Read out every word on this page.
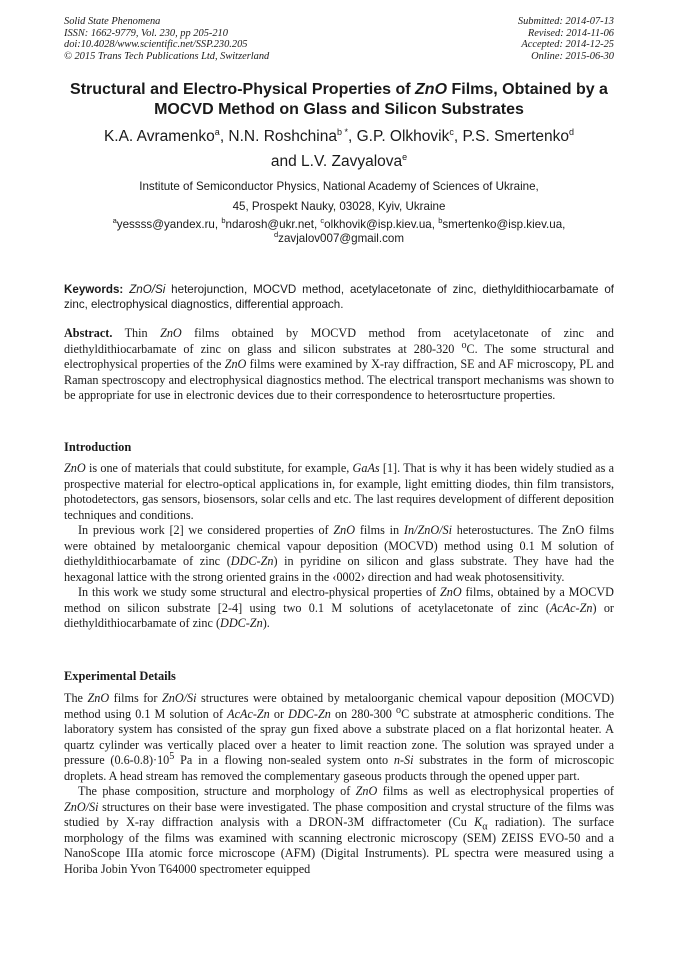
Solid State Phenomena
ISSN: 1662-9779, Vol. 230, pp 205-210
doi:10.4028/www.scientific.net/SSP.230.205
© 2015 Trans Tech Publications Ltd, Switzerland
Submitted: 2014-07-13
Revised: 2014-11-06
Accepted: 2014-12-25
Online: 2015-06-30
Structural and Electro-Physical Properties of ZnO Films, Obtained by a MOCVD Method on Glass and Silicon Substrates
K.A. Avramenko$^a$, N.N. Roshchina$^{b *}$, G.P. Olkhovik$^c$, P.S. Smertenko$^d$
and L.V. Zavyalova$^e$
Institute of Semiconductor Physics, National Academy of Sciences of Ukraine,
45, Prospekt Nauky, 03028, Kyiv, Ukraine
$^a$yessss@yandex.ru, $^b$ndarosh@ukr.net, $^c$olkhovik@isp.kiev.ua, $^b$smertenko@isp.kiev.ua,
$^d$zavjalov007@gmail.com
Keywords: ZnO/Si heterojunction, MOCVD method, acetylacetonate of zinc, diethyldithiocarbamate of zinc, electrophysical diagnostics, differential approach.

Abstract. Thin ZnO films obtained by MOCVD method from acetylacetonate of zinc and diethyldithiocarbamate of zinc on glass and silicon substrates at 280-320 $^o$C. The some structural and electrophysical properties of the ZnO films were examined by X-ray diffraction, SE and AF microscopy, PL and Raman spectroscopy and electrophysical diagnostics method. The electrical transport mechanisms was shown to be appropriate for use in electronic devices due to their correspondence to heterosrtucture properties.

Introduction

ZnO is one of materials that could substitute, for example, GaAs [1]. That is why it has been widely studied as a prospective material for electro-optical applications in, for example, light emitting diodes, thin film transistors, photodetectors, gas sensors, biosensors, solar cells and etc. The last requires development of different deposition techniques and conditions.

In previous work [2] we considered properties of ZnO films in In/ZnO/Si heterostuctures. The ZnO films were obtained by metaloorganic chemical vapour deposition (MOCVD) method using 0.1 M solution of diethyldithiocarbamate of zinc (DDC-Zn) in pyridine on silicon and glass substrate. They have had the hexagonal lattice with the strong oriented grains in the ‹0002› direction and had weak photosensitivity.

In this work we study some structural and electro-physical properties of ZnO films, obtained by a MOCVD method on silicon substrate [2-4] using two 0.1 M solutions of acetylacetonate of zinc (AcAc-Zn) or diethyldithiocarbamate of zinc (DDC-Zn).

Experimental Details

The ZnO films for ZnO/Si structures were obtained by metaloorganic chemical vapour deposition (MOCVD) method using 0.1 M solution of AcAc-Zn or DDC-Zn on 280-300 $^o$C substrate at atmospheric conditions. The laboratory system has consisted of the spray gun fixed above a substrate placed on a flat horizontal heater. A quartz cylinder was vertically placed over a heater to limit reaction zone. The solution was sprayed under a pressure $(0.6-0.8)\cdot 10^5$ Pa in a flowing non-sealed system onto n-Si substrates in the form of microscopic droplets. A head stream has removed the complementary gaseous products through the opened upper part.

The phase composition, structure and morphology of ZnO films as well as electrophysical properties of ZnO/Si structures on their base were investigated. The phase composition and crystal structure of the films was studied by X-ray diffraction analysis with a DRON-3M diffractometer (Cu $K_\alpha$ radiation). The surface morphology of the films was examined with scanning electronic microscopy (SEM) ZEISS EVO-50 and a NanoScope IIIa atomic force microscope (AFM) (Digital Instruments). PL spectra were measured using a Horiba Jobin Yvon T64000 spectrometer equipped
